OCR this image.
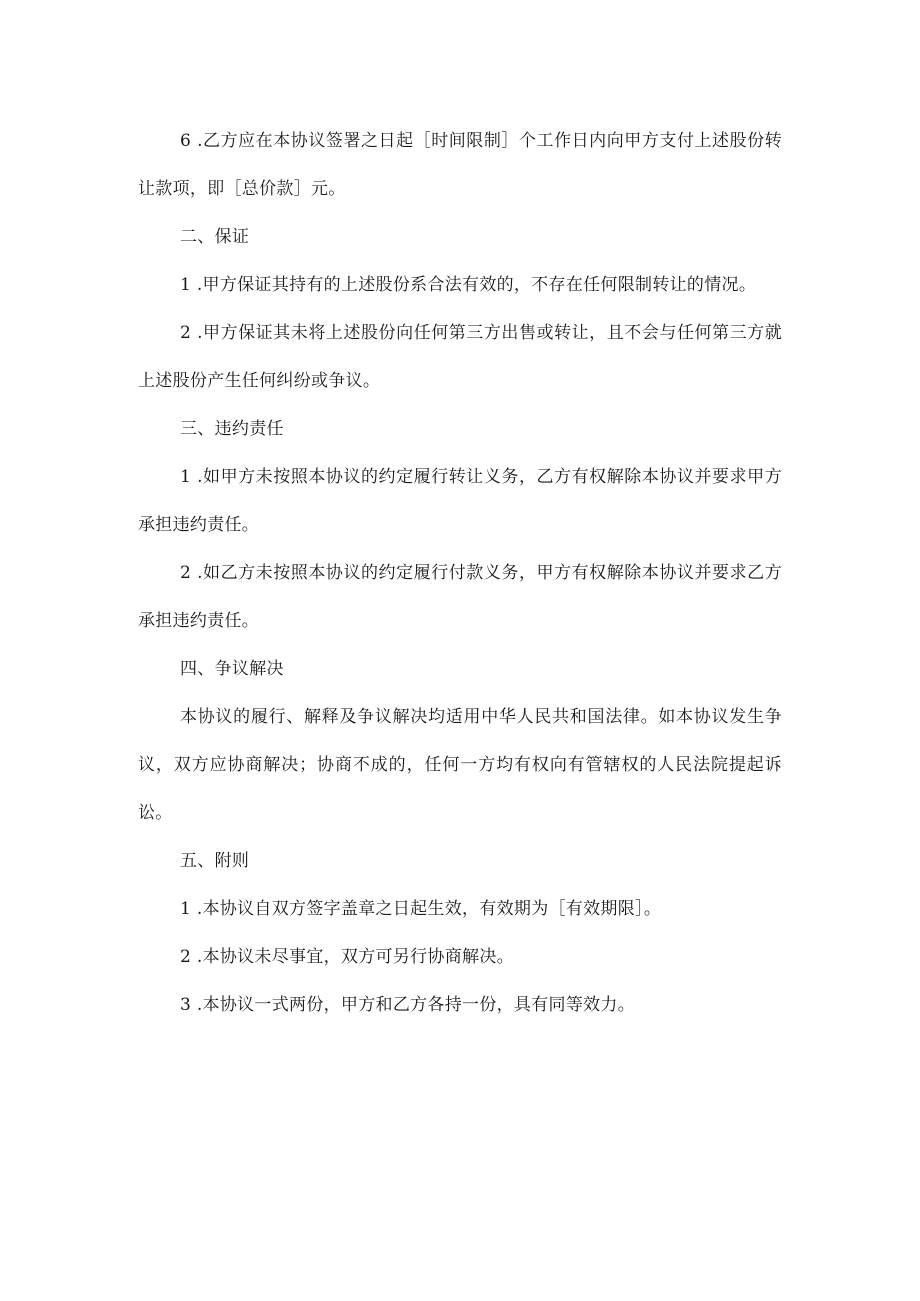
6 .乙方应在本协议签署之日起［时间限制］个工作日内向甲方支付上述股份转让款项，即［总价款］元。

二、保证

1 .甲方保证其持有的上述股份系合法有效的，不存在任何限制转让的情况。

2 .甲方保证其未将上述股份向任何第三方出售或转让，且不会与任何第三方就上述股份产生任何纠纷或争议。

三、违约责任

1 .如甲方未按照本协议的约定履行转让义务，乙方有权解除本协议并要求甲方承担违约责任。

2 .如乙方未按照本协议的约定履行付款义务，甲方有权解除本协议并要求乙方承担违约责任。

四、争议解决

本协议的履行、解释及争议解决均适用中华人民共和国法律。如本协议发生争议，双方应协商解决；协商不成的，任何一方均有权向有管辖权的人民法院提起诉讼。

五、附则

1 .本协议自双方签字盖章之日起生效，有效期为［有效期限］。

2 .本协议未尽事宜，双方可另行协商解决。

3 .本协议一式两份，甲方和乙方各持一份，具有同等效力。
